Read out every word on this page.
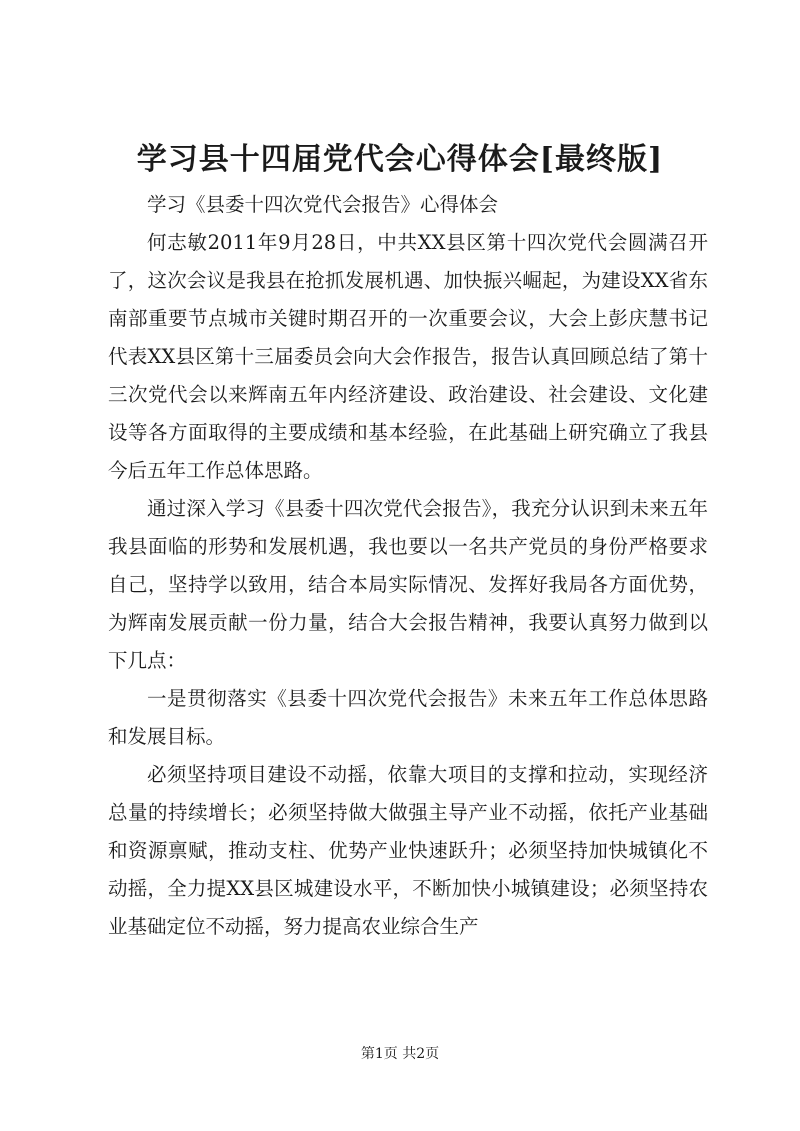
学习县十四届党代会心得体会[最终版]

学习《县委十四次党代会报告》心得体会

何志敏2011年9月28日，中共XX县区第十四次党代会圆满召开了，这次会议是我县在抢抓发展机遇、加快振兴崛起，为建设XX省东南部重要节点城市关键时期召开的一次重要会议，大会上彭庆慧书记代表XX县区第十三届委员会向大会作报告，报告认真回顾总结了第十三次党代会以来辉南五年内经济建设、政治建设、社会建设、文化建设等各方面取得的主要成绩和基本经验，在此基础上研究确立了我县今后五年工作总体思路。

通过深入学习《县委十四次党代会报告》，我充分认识到未来五年我县面临的形势和发展机遇，我也要以一名共产党员的身份严格要求自己，坚持学以致用，结合本局实际情况、发挥好我局各方面优势，为辉南发展贡献一份力量，结合大会报告精神，我要认真努力做到以下几点：

一是贯彻落实《县委十四次党代会报告》未来五年工作总体思路和发展目标。

必须坚持项目建设不动摇，依靠大项目的支撑和拉动，实现经济总量的持续增长；必须坚持做大做强主导产业不动摇，依托产业基础和资源禀赋，推动支柱、优势产业快速跃升；必须坚持加快城镇化不动摇，全力提XX县区城建设水平，不断加快小城镇建设；必须坚持农业基础定位不动摇，努力提高农业综合生产

第1页 共2页
